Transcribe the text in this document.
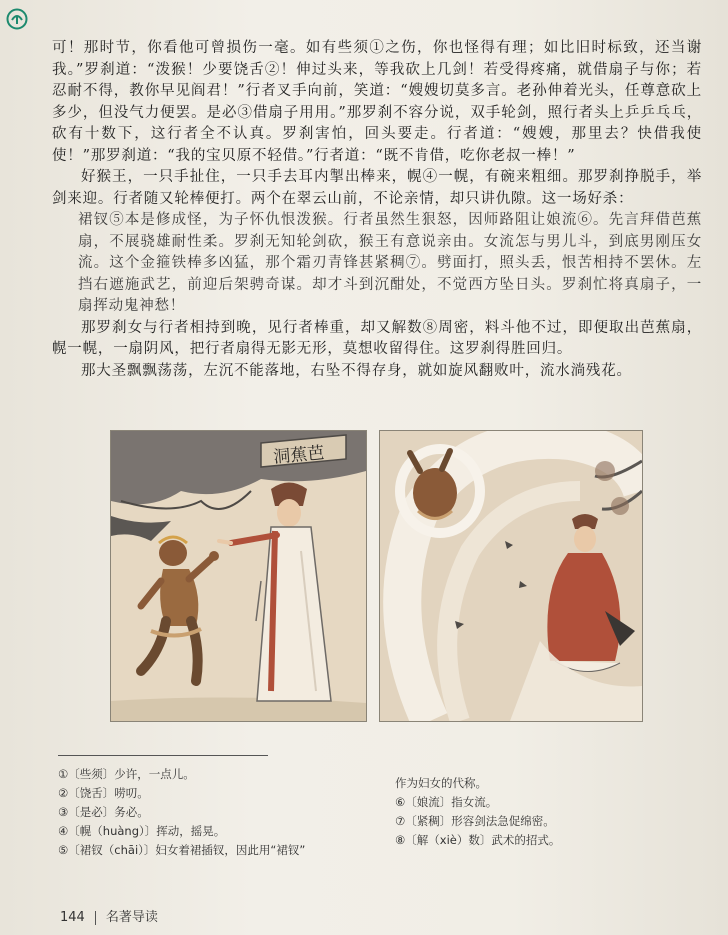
可！那时节，你看他可曾损伤一毫。如有些须①之伤，你也怪得有理；如比旧时标致，还当谢我。”罗刹道：“泼猴！少要饶舌②！伸过头来，等我砍上几剑！若受得疼痛，就借扇子与你；若忍耐不得，教你早见阎君！”行者叉手向前，笑道：“嫂嫂切莫多言。老孙伸着光头，任尊意砍上多少，但没气力便罢。是必③借扇子用用。”那罗刹不容分说，双手轮剑，照行者头上乒乒乓乓，砍有十数下，这行者全不认真。罗刹害怕，回头要走。行者道：“嫂嫂，那里去？快借我使使！”那罗刹道：“我的宝贝原不轻借。”行者道：“既不肯借，吃你老叔一棒！”

好猴王，一只手扯住，一只手去耳内掣出棒来，幌④一幌，有碗来粗细。那罗刹挣脱手，举剑来迎。行者随又轮棒便打。两个在翠云山前，不论亲情，却只讲仇隙。这一场好杀：

裙钗⑤本是修成怪，为子怀仇恨泼猴。行者虽然生狠怒，因师路阻让娘流⑥。先言拜借芭蕉扇，不展骁雄耐性柔。罗刹无知轮剑砍，猴王有意说亲由。女流怎与男儿斗，到底男刚压女流。这个金箍铁棒多凶猛，那个霜刃青锋甚紧稠⑦。劈面打，照头丢，恨苦相持不罢休。左挡右遮施武艺，前迎后架骋奇谋。却才斗到沉酣处，不觉西方坠日头。罗刹忙将真扇子，一扇挥动鬼神愁！

那罗刹女与行者相持到晚，见行者棒重，却又解数⑧周密，料斗他不过，即便取出芭蕉扇，幌一幌，一扇阴风，把行者扇得无影无形，莫想收留得住。这罗刹得胜回归。

那大圣飘飘荡荡，左沉不能落地，右坠不得存身，就如旋风翻败叶，流水淌残花。

洞蕉芭
①〔些须〕少许，一点儿。
②〔饶舌〕唠叨。
③〔是必〕务必。
④〔幌（huàng）〕挥动，摇晃。
⑤〔裙钗（chāi）〕妇女着裙插钗，因此用“裙钗”
作为妇女的代称。
⑥〔娘流〕指女流。
⑦〔紧稠〕形容剑法急促绵密。
⑧〔解（xiè）数〕武术的招式。
144 名著导读
